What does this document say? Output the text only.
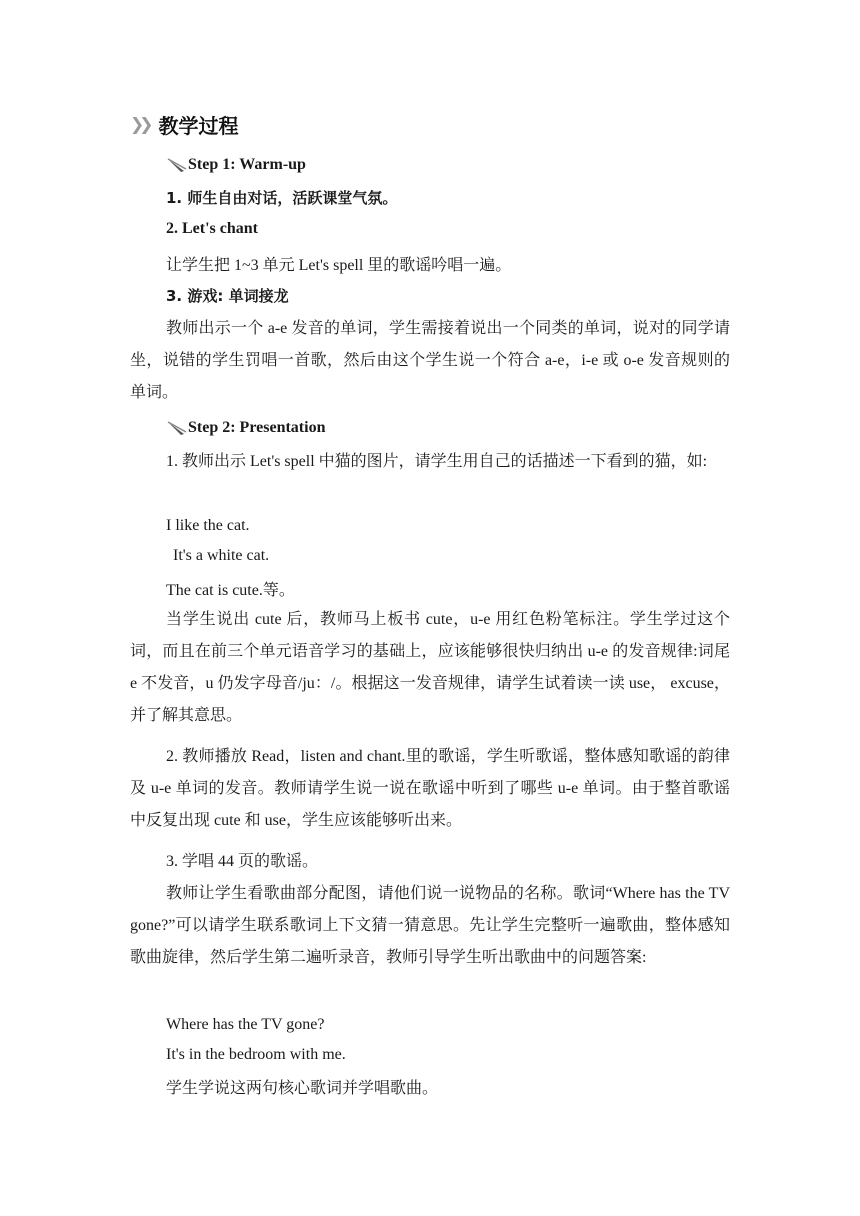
❯❯ 教学过程
Step 1: Warm-up
1. 师生自由对话，活跃课堂气氛。
2. Let's chant
让学生把 1~3 单元 Let's spell 里的歌谣吟唱一遍。
3. 游戏: 单词接龙
教师出示一个 a-e 发音的单词，学生需接着说出一个同类的单词，说对的同学请坐，说错的学生罚唱一首歌，然后由这个学生说一个符合 a-e，i-e 或 o-e 发音规则的单词。
Step 2: Presentation
1. 教师出示 Let's spell 中猫的图片，请学生用自己的话描述一下看到的猫，如:
I like the cat.
It's a white cat.
The cat is cute.等。
当学生说出 cute 后，教师马上板书 cute，u-e 用红色粉笔标注。学生学过这个词，而且在前三个单元语音学习的基础上，应该能够很快归纳出 u-e 的发音规律:词尾 e 不发音，u 仍发字母音/ju：/。根据这一发音规律，请学生试着读一读 use， excuse，并了解其意思。
2. 教师播放 Read，listen and chant.里的歌谣，学生听歌谣，整体感知歌谣的韵律及 u-e 单词的发音。教师请学生说一说在歌谣中听到了哪些 u-e 单词。由于整首歌谣中反复出现 cute 和 use，学生应该能够听出来。
3. 学唱 44 页的歌谣。
教师让学生看歌曲部分配图，请他们说一说物品的名称。歌词“Where has the TV gone?”可以请学生联系歌词上下文猜一猜意思。先让学生完整听一遍歌曲，整体感知歌曲旋律，然后学生第二遍听录音，教师引导学生听出歌曲中的问题答案:
Where has the TV gone?
It's in the bedroom with me.
学生学说这两句核心歌词并学唱歌曲。
